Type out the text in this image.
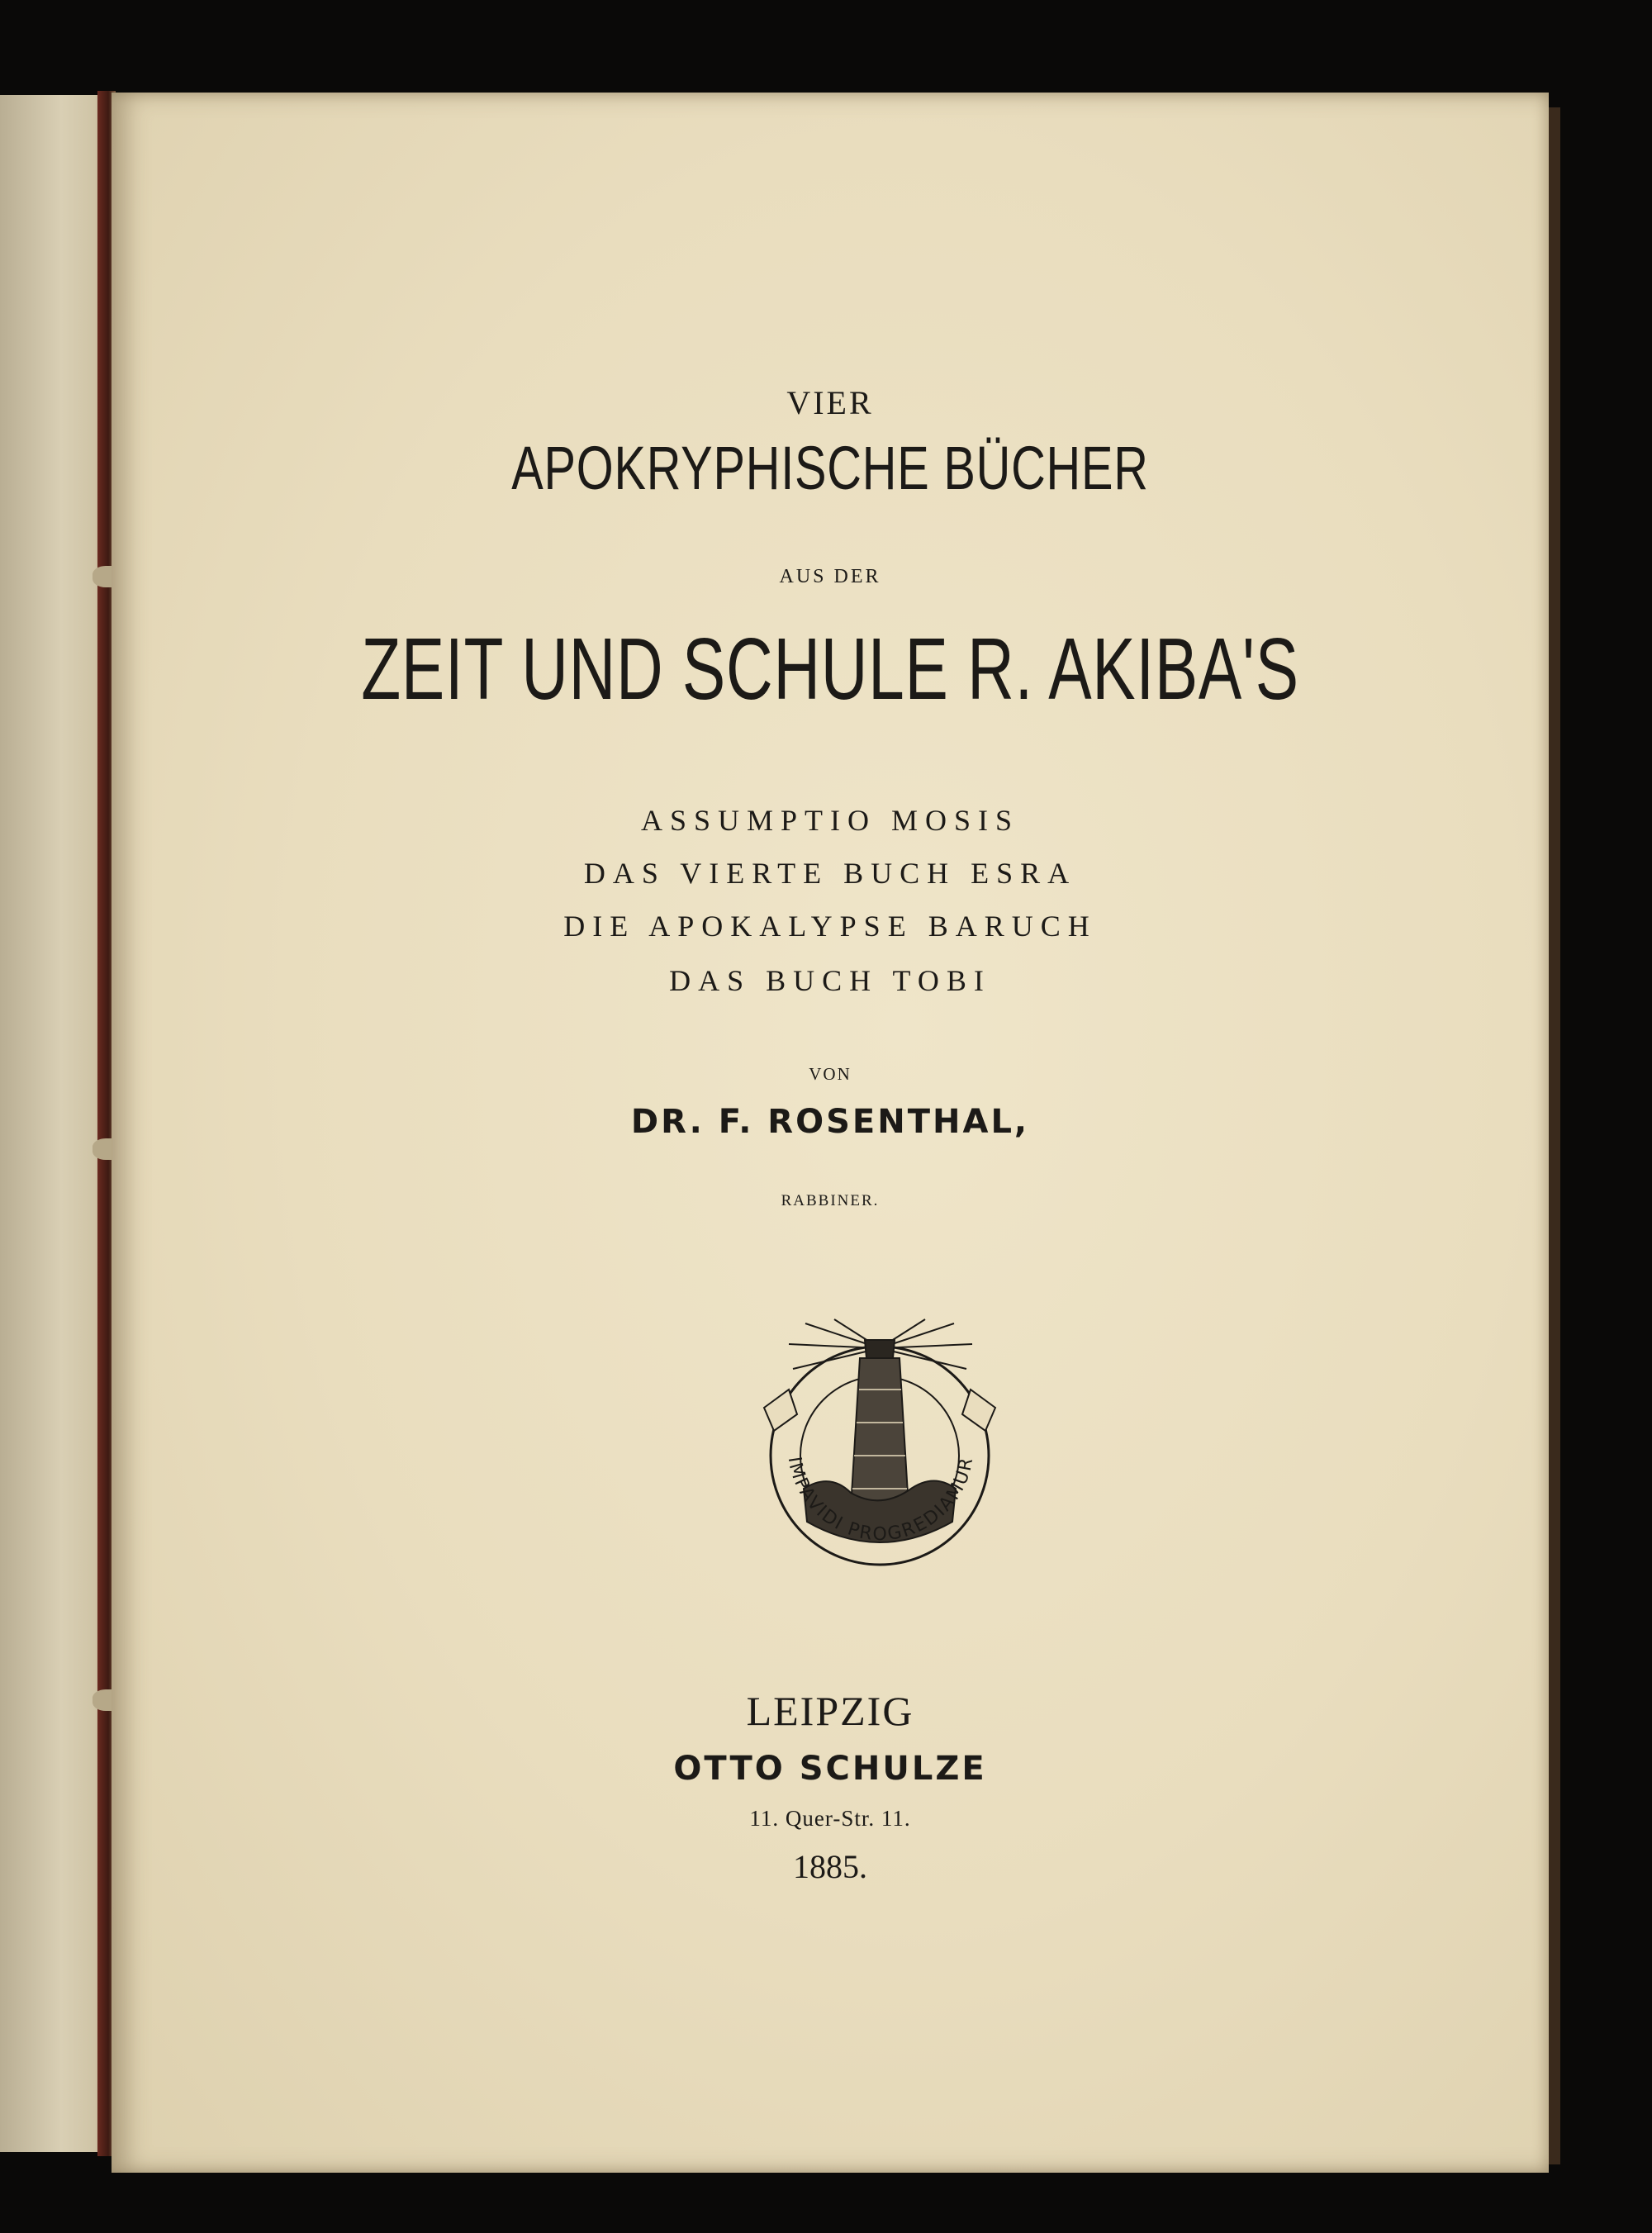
VIER
APOKRYPHISCHE BÜCHER
AUS DER
ZEIT UND SCHULE R. AKIBA'S
ASSUMPTIO MOSIS
DAS VIERTE BUCH ESRA
DIE APOKALYPSE BARUCH
DAS BUCH TOBI
VON
DR. F. ROSENTHAL,
RABBINER.
IMPAVIDI PROGREDIAMUR
LEIPZIG
OTTO SCHULZE
11. Quer-Str. 11.
1885.
